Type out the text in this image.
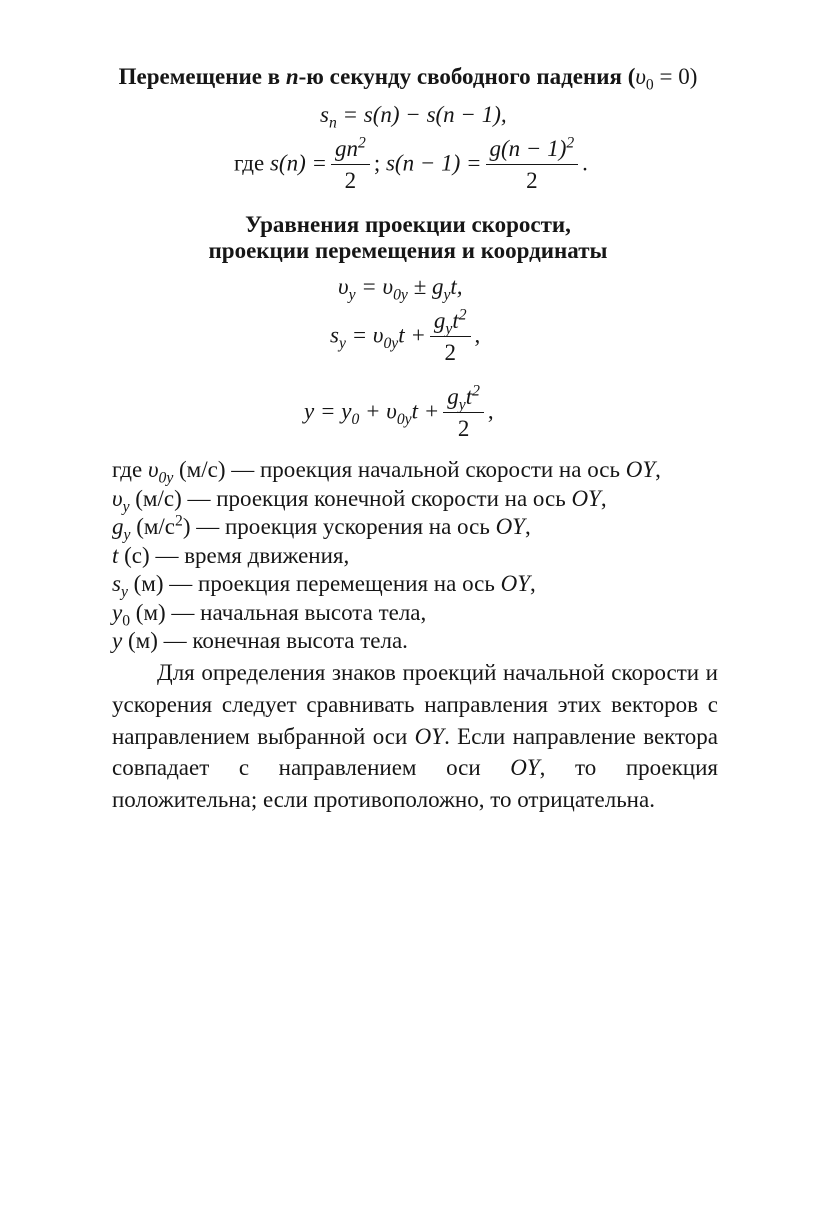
Перемещение в n-ю секунду свободного падения $(\upsilon_0 = 0)$
$s_n = s(n) - s(n - 1)$,
где $s(n) = \frac{gn^2}{2}$ ; $s(n - 1) = \frac{g(n - 1)^2}{2}$ .
Уравнения проекции скорости,
проекции перемещения и координаты
$\upsilon_y = \upsilon_{0y} \pm g_yt$,
$s_y = \upsilon_{0y}t + \frac{g_yt^2}{2}$ ,
$y = y_0 + \upsilon_{0y}t + \frac{g_yt^2}{2}$ ,
где $\upsilon_{0y}$ (м/с) — проекция начальной скорости на ось OY,
$\upsilon_y$ (м/с) — проекция конечной скорости на ось OY,
$g_y$ $(м/с^2)$ — проекция ускорения на ось OY,
t (с) — время движения,
$s_y$ (м) — проекция перемещения на ось OY,
$y_0$ (м) — начальная высота тела,
y (м) — конечная высота тела.
Для определения знаков проекций начальной скорости и ускорения следует сравнивать направления этих векторов с направлением выбранной оси OY. Если направление вектора совпадает с направлением оси OY, то проекция положительна; если противоположно, то отрицательна.
